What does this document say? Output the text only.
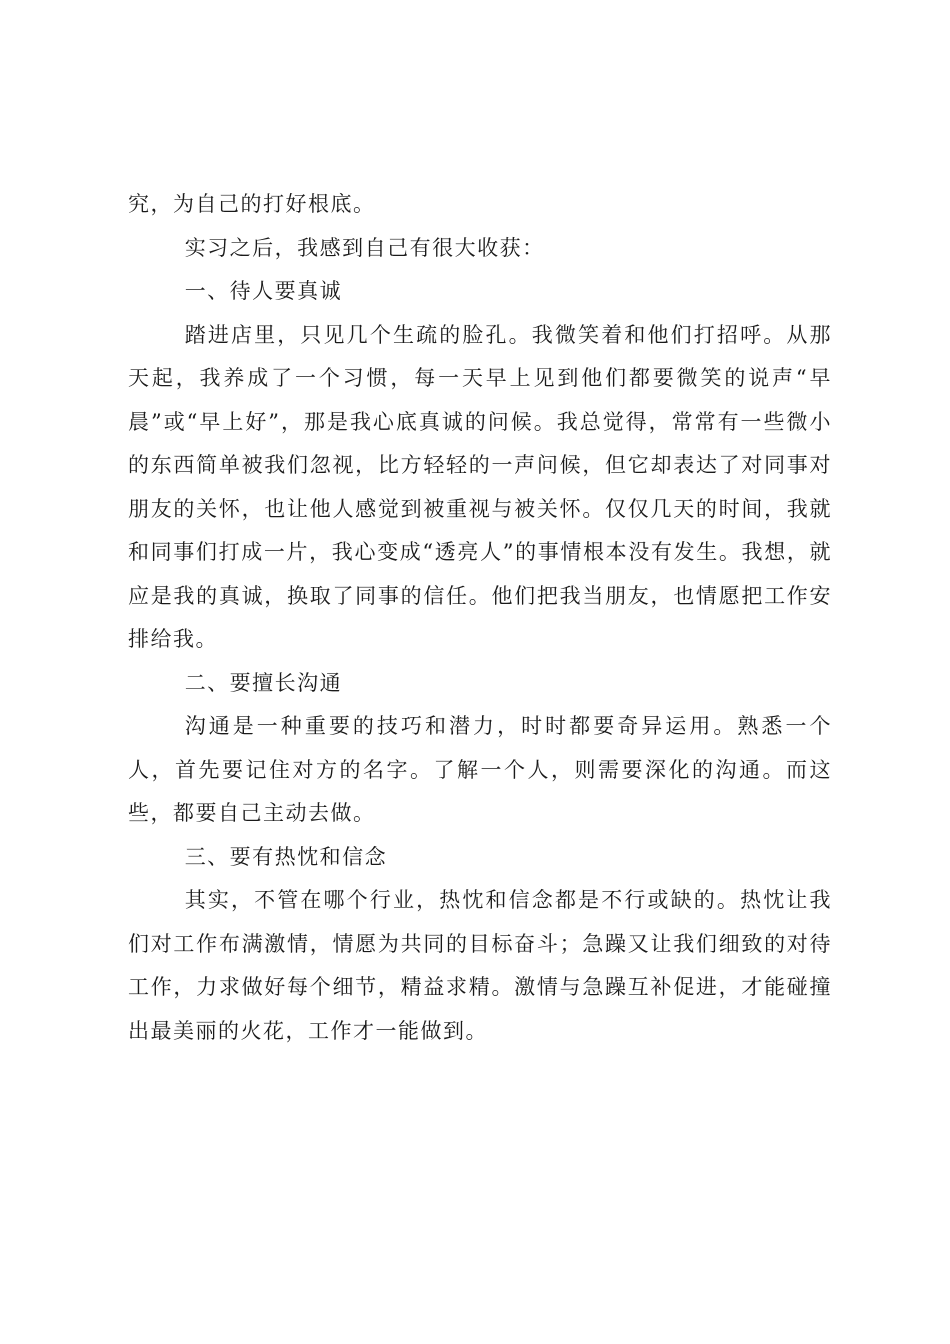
究，为自己的打好根底。

实习之后，我感到自己有很大收获：

一、待人要真诚

踏进店里，只见几个生疏的脸孔。我微笑着和他们打招呼。从那天起，我养成了一个习惯，每一天早上见到他们都要微笑的说声“早晨”或“早上好”，那是我心底真诚的问候。我总觉得，常常有一些微小的东西简单被我们忽视，比方轻轻的一声问候，但它却表达了对同事对朋友的关怀，也让他人感觉到被重视与被关怀。仅仅几天的时间，我就和同事们打成一片，我心变成“透亮人”的事情根本没有发生。我想，就应是我的真诚，换取了同事的信任。他们把我当朋友，也情愿把工作安排给我。

二、要擅长沟通

沟通是一种重要的技巧和潜力，时时都要奇异运用。熟悉一个人，首先要记住对方的名字。了解一个人，则需要深化的沟通。而这些，都要自己主动去做。

三、要有热忱和信念

其实，不管在哪个行业，热忱和信念都是不行或缺的。热忱让我们对工作布满激情，情愿为共同的目标奋斗；急躁又让我们细致的对待工作，力求做好每个细节，精益求精。激情与急躁互补促进，才能碰撞出最美丽的火花，工作才一能做到。
